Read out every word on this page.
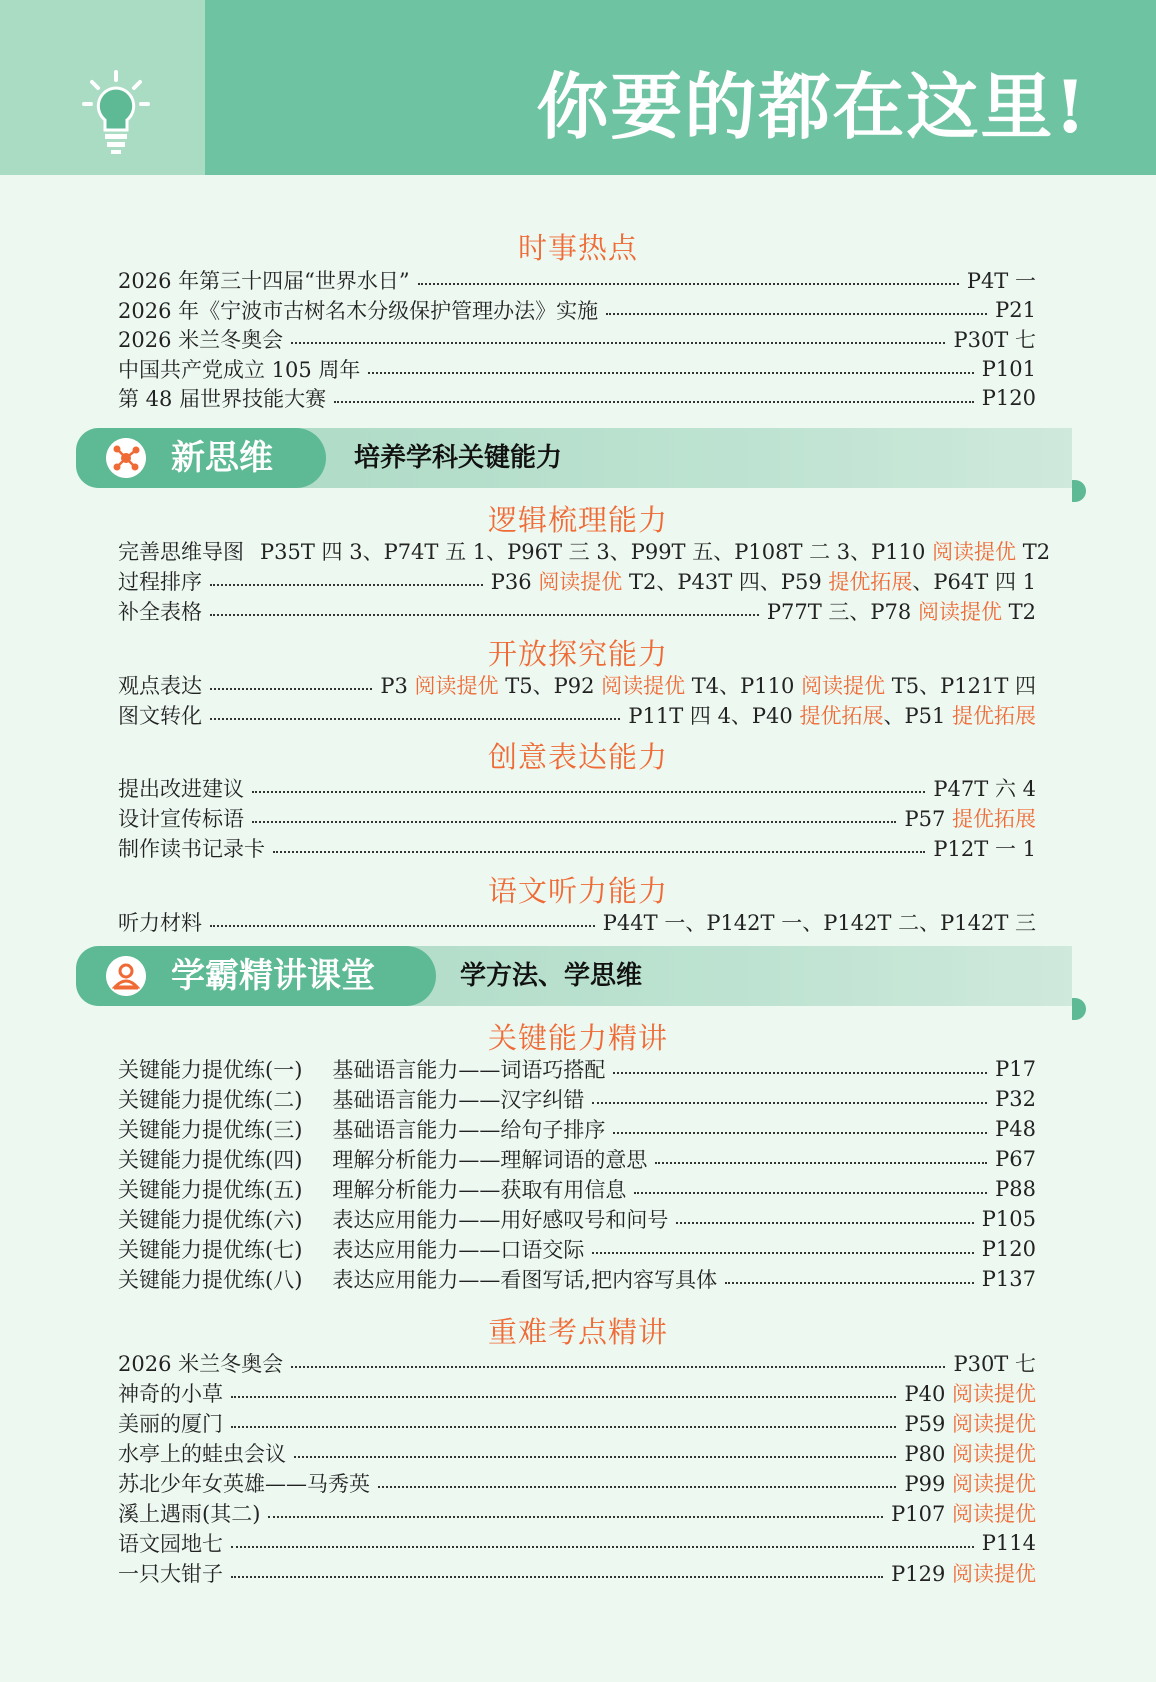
你要的都在这里!
时事热点
2026 年第三十四届“世界水日”	P4T 一
2026 年《宁波市古树名木分级保护管理办法》实施	P21
2026 米兰冬奥会	P30T 七
中国共产党成立 105 周年	P101
第 48 届世界技能大赛	P120
新思维	培养学科关键能力
逻辑梳理能力
完善思维导图 P35T 四 3、P74T 五 1、P96T 三 3、P99T 五、P108T 二 3、P110 阅读提优 T2
过程排序	P36 阅读提优 T2、P43T 四、P59 提优拓展、P64T 四 1
补全表格	P77T 三、P78 阅读提优 T2
开放探究能力
观点表达	P3 阅读提优 T5、P92 阅读提优 T4、P110 阅读提优 T5、P121T 四
图文转化	P11T 四 4、P40 提优拓展、P51 提优拓展
创意表达能力
提出改进建议	P47T 六 4
设计宣传标语	P57 提优拓展
制作读书记录卡	P12T 一 1
语文听力能力
听力材料	P44T 一、P142T 一、P142T 二、P142T 三
学霸精讲课堂	学方法、学思维
关键能力精讲
关键能力提优练(一) 基础语言能力——词语巧搭配	P17
关键能力提优练(二) 基础语言能力——汉字纠错	P32
关键能力提优练(三) 基础语言能力——给句子排序	P48
关键能力提优练(四) 理解分析能力——理解词语的意思	P67
关键能力提优练(五) 理解分析能力——获取有用信息	P88
关键能力提优练(六) 表达应用能力——用好感叹号和问号	P105
关键能力提优练(七) 表达应用能力——口语交际	P120
关键能力提优练(八) 表达应用能力——看图写话,把内容写具体	P137
重难考点精讲
2026 米兰冬奥会	P30T 七
神奇的小草	P40 阅读提优
美丽的厦门	P59 阅读提优
水亭上的蛙虫会议	P80 阅读提优
苏北少年女英雄——马秀英	P99 阅读提优
溪上遇雨(其二)	P107 阅读提优
语文园地七	P114
一只大钳子	P129 阅读提优
